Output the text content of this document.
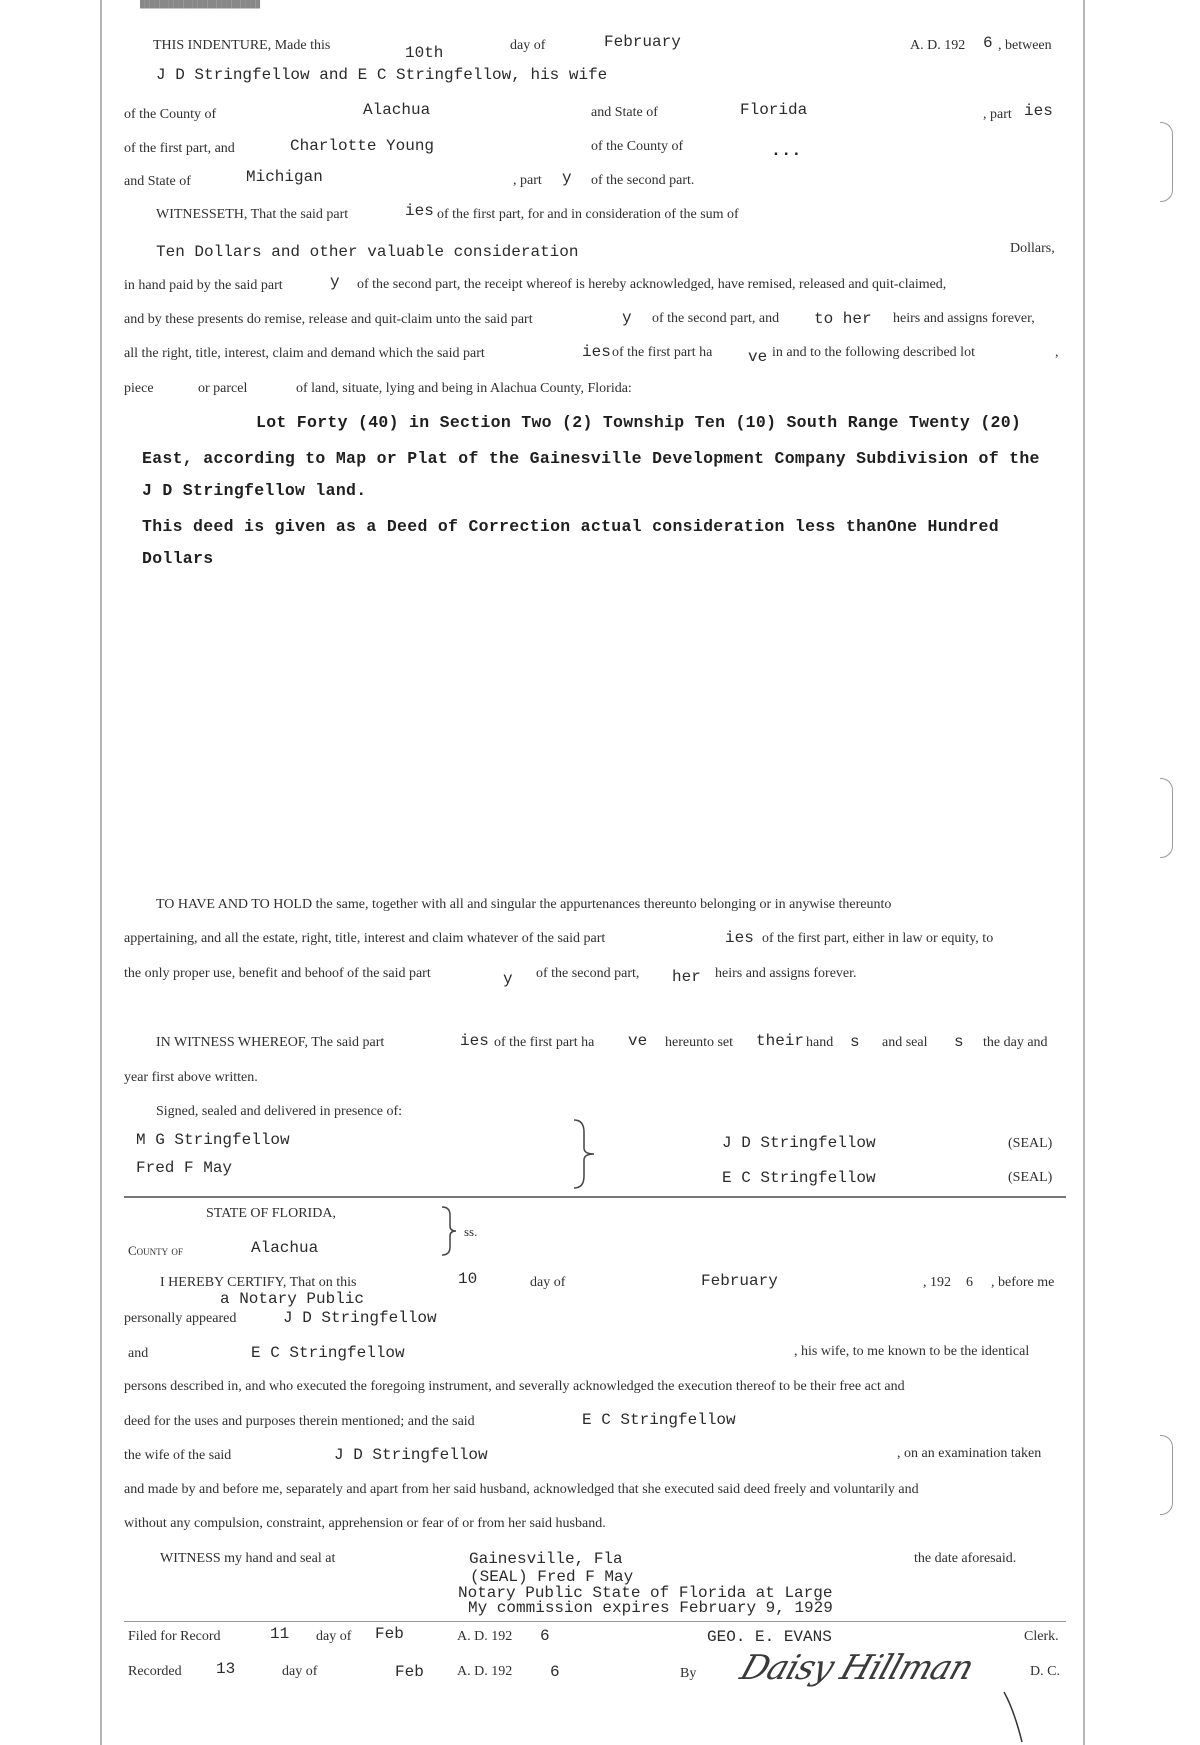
█████████████████████████
THIS INDENTURE, Made this	10th	day of	February	A. D. 192 6 , between
J D Stringfellow and E C Stringfellow, his wife
of the County of	Alachua	and State of	Florida	, part ies
of the first part, and	Charlotte Young	of the County of	...
and State of	Michigan	, part y of the second part.
WITNESSETH, That the said part	ies of the first part, for and in consideration of the sum of
Ten Dollars and other valuable consideration	Dollars,
in hand paid by the said part	y of the second part, the receipt whereof is hereby acknowledged, have remised, released and quit-claimed,
and by these presents do remise, release and quit-claim unto the said part	y of the second part, and to her heirs and assigns forever,
all the right, title, interest, claim and demand which the said part	ies of the first part ha ve in and to the following described lot	,
piece	or parcel	of land, situate, lying and being in Alachua County, Florida:
Lot Forty (40) in Section Two (2) Township Ten (10) South Range Twenty (20)
East, according to Map or Plat of the Gainesville Development Company Subdivision of the
J D Stringfellow land.
This deed is given as a Deed of Correction actual consideration less thanOne Hundred
Dollars
TO HAVE AND TO HOLD the same, together with all and singular the appurtenances thereunto belonging or in anywise thereunto
appertaining, and all the estate, right, title, interest and claim whatever of the said part	ies of the first part, either in law or equity, to
the only proper use, benefit and behoof of the said part	y of the second part, her heirs and assigns forever.
IN WITNESS WHEREOF, The said part	ies of the first part ha ve hereunto set their hand s and seal s the day and
year first above written.
Signed, sealed and delivered in presence of:
M G Stringfellow
Fred F May
J D Stringfellow	(SEAL)
E C Stringfellow	(SEAL)
STATE OF FLORIDA,
County of	Alachua
ss.
I HEREBY CERTIFY, That on this	10	day of	February	, 192 6 , before me
a Notary Public
personally appeared	J D Stringfellow
and	E C Stringfellow	, his wife, to me known to be the identical
persons described in, and who executed the foregoing instrument, and severally acknowledged the execution thereof to be their free act and
deed for the uses and purposes therein mentioned; and the said	E C Stringfellow
the wife of the said	J D Stringfellow	, on an examination taken
and made by and before me, separately and apart from her said husband, acknowledged that she executed said deed freely and voluntarily and
without any compulsion, constraint, apprehension or fear of or from her said husband.
WITNESS my hand and seal at	Gainesville, Fla	the date aforesaid.
(SEAL) Fred F May
Notary Public State of Florida at Large
My commission expires February 9, 1929
Filed for Record	11 day of Feb	A. D. 192 6	GEO. E. EVANS	Clerk.
Recorded 13	day of	Feb A. D. 192 6	By Daisy Hillman	D. C.
